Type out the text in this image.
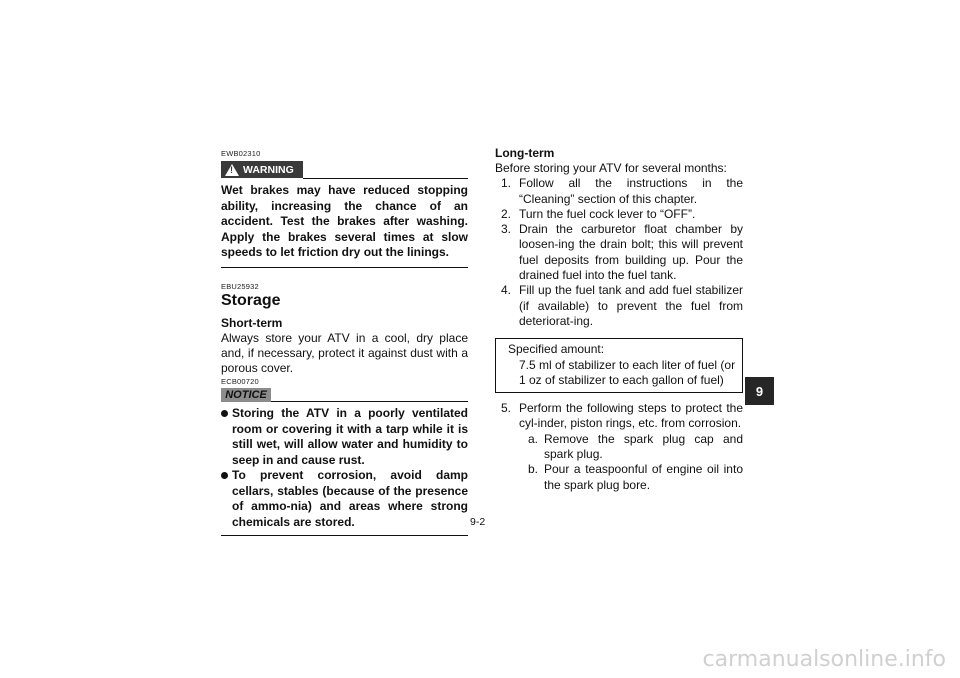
EWB02310
!
WARNING

Wet brakes may have reduced stopping ability, increasing the chance of an accident. Test the brakes after washing. Apply the brakes several times at slow speeds to let friction dry out the linings.

EBU25932
Storage
Short-term

Always store your ATV in a cool, dry place and, if necessary, protect it against dust with a porous cover.

ECB00720
NOTICE
Storing the ATV in a poorly ventilated room or covering it with a tarp while it is still wet, will allow water and humidity to seep in and cause rust.
To prevent corrosion, avoid damp cellars, stables (because of the presence of ammo-nia) and areas where strong chemicals are stored.
Long-term
Before storing your ATV for several months:
1. Follow all the instructions in the “Cleaning” section of this chapter.
2. Turn the fuel cock lever to “OFF”.
3. Drain the carburetor float chamber by loosen-ing the drain bolt; this will prevent fuel deposits from building up. Pour the drained fuel into the fuel tank.
4. Fill up the fuel tank and add fuel stabilizer (if available) to prevent the fuel from deteriorat-ing.
Specified amount:
7.5 ml of stabilizer to each liter of fuel (or 1 oz of stabilizer to each gallon of fuel)
5. Perform the following steps to protect the cyl-inder, piston rings, etc. from corrosion.
a. Remove the spark plug cap and spark plug.
b. Pour a teaspoonful of engine oil into the spark plug bore.
9
9-2
carmanualsonline.info
